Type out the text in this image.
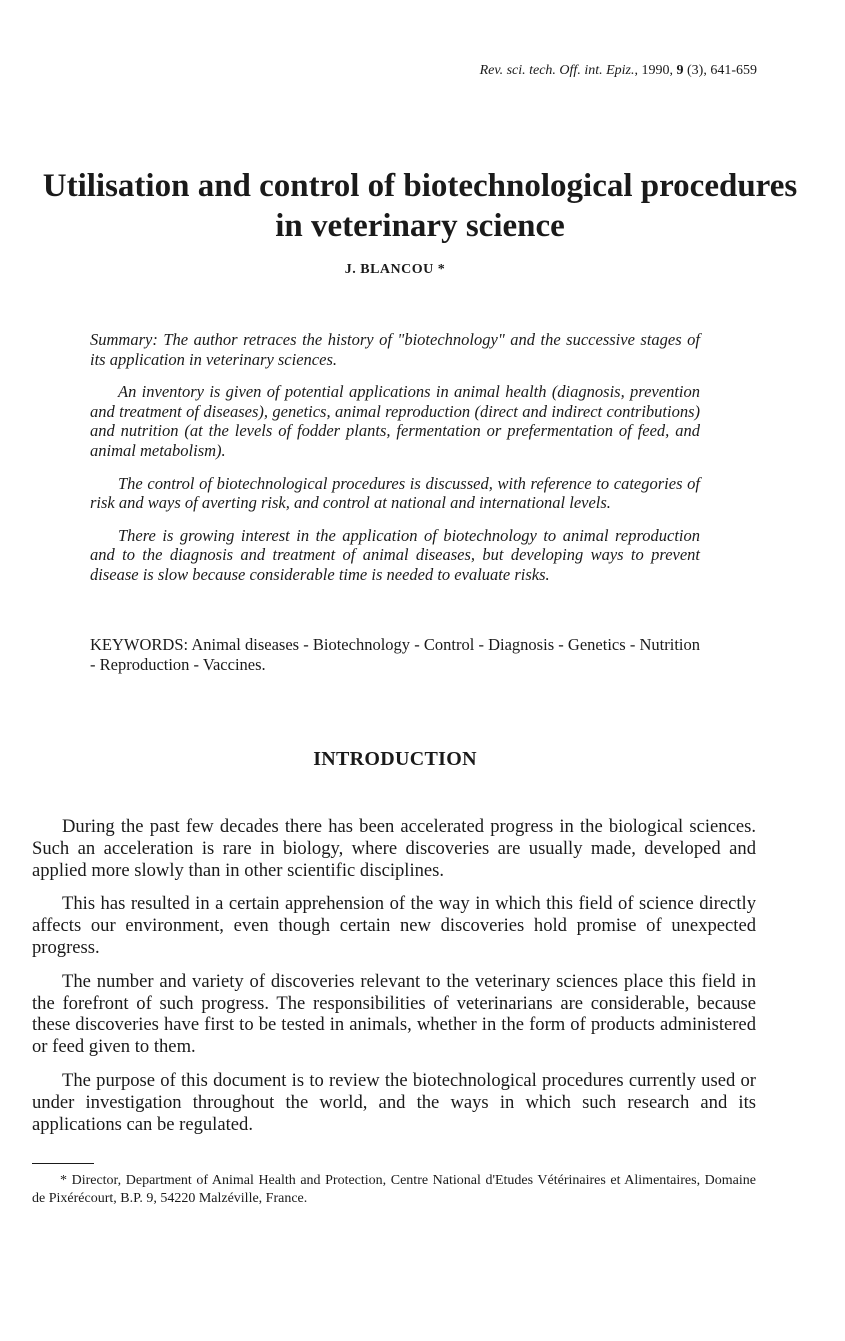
Rev. sci. tech. Off. int. Epiz., 1990, 9 (3), 641-659
Utilisation and control of biotechnological procedures in veterinary science
J. BLANCOU *

Summary: The author retraces the history of "biotechnology" and the successive stages of its application in veterinary sciences.

An inventory is given of potential applications in animal health (diagnosis, prevention and treatment of diseases), genetics, animal reproduction (direct and indirect contributions) and nutrition (at the levels of fodder plants, fermentation or prefermentation of feed, and animal metabolism).

The control of biotechnological procedures is discussed, with reference to categories of risk and ways of averting risk, and control at national and international levels.

There is growing interest in the application of biotechnology to animal reproduction and to the diagnosis and treatment of animal diseases, but developing ways to prevent disease is slow because considerable time is needed to evaluate risks.

KEYWORDS: Animal diseases - Biotechnology - Control - Diagnosis - Genetics - Nutrition - Reproduction - Vaccines.
INTRODUCTION

During the past few decades there has been accelerated progress in the biological sciences. Such an acceleration is rare in biology, where discoveries are usually made, developed and applied more slowly than in other scientific disciplines.

This has resulted in a certain apprehension of the way in which this field of science directly affects our environment, even though certain new discoveries hold promise of unexpected progress.

The number and variety of discoveries relevant to the veterinary sciences place this field in the forefront of such progress. The responsibilities of veterinarians are considerable, because these discoveries have first to be tested in animals, whether in the form of products administered or feed given to them.

The purpose of this document is to review the biotechnological procedures currently used or under investigation throughout the world, and the ways in which such research and its applications can be regulated.

* Director, Department of Animal Health and Protection, Centre National d'Etudes Vétérinaires et Alimentaires, Domaine de Pixérécourt, B.P. 9, 54220 Malzéville, France.
